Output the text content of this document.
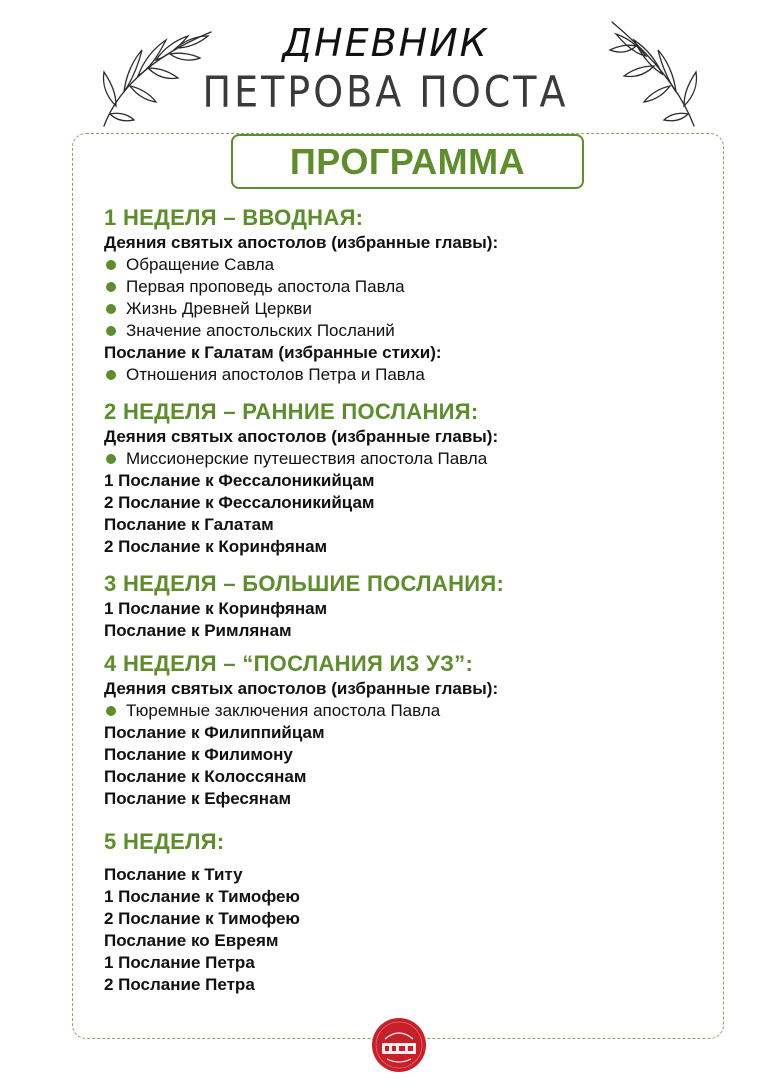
ДНЕВНИК
ПЕТРОВА ПОСТА
ПРОГРАММА
1 НЕДЕЛЯ – ВВОДНАЯ:
Деяния святых апостолов (избранные главы):
Обращение Савла
Первая проповедь апостола Павла
Жизнь Древней Церкви
Значение апостольских Посланий
Послание к Галатам (избранные стихи):
Отношения апостолов Петра и Павла
2 НЕДЕЛЯ – РАННИЕ ПОСЛАНИЯ:
Деяния святых апостолов (избранные главы):
Миссионерские путешествия апостола Павла
1 Послание к Фессалоникийцам
2 Послание к Фессалоникийцам
Послание к Галатам
2 Послание к Коринфянам
3 НЕДЕЛЯ – БОЛЬШИЕ ПОСЛАНИЯ:
1 Послание к Коринфянам
Послание к Римлянам
4 НЕДЕЛЯ – “ПОСЛАНИЯ ИЗ УЗ”:
Деяния святых апостолов (избранные главы):
Тюремные заключения апостола Павла
Послание к Филиппийцам
Послание к Филимону
Послание к Колоссянам
Послание к Ефесянам
5 НЕДЕЛЯ:
Послание к Титу
1 Послание к Тимофею
2 Послание к Тимофею
Послание ко Евреям
1 Послание Петра
2 Послание Петра
